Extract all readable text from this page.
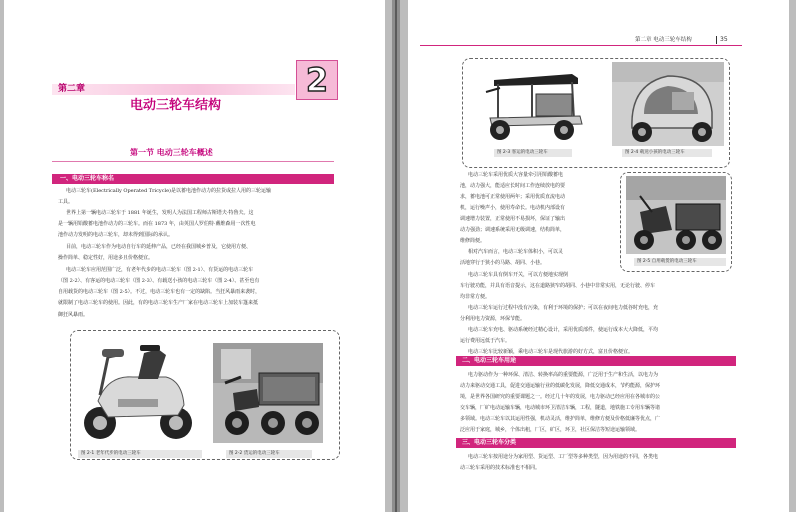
第二章	2
电动三轮车结构
第一节 电动三轮车概述
一、电动三轮车称名
电动三轮车(Electrically Operated Tricycle)是以蓄电池作动力的拉货或拉人用的三轮运输
工具。
世界上第一辆电动三轮车于 1881 年诞生，发明人为法国工程师古斯塔夫·特鲁夫。这
是一辆用铅酸蓄电池作动力的三轮车。而在 1873 年，由英国人罗伯特·戴维森用一次性电
池作动力发明的电动三轮车，却未得到国际的承认。
目前，电动三轮车作为电动自行车的延伸产品，已经在我国城乡普及，它使用方便、
操作简单、稳定性好，用途多且价格便宜。
电动三轮车应用范围广泛，有老年代步的电动三轮车（图 2-1）、有货运的电动三轮车
（图 2-2）、有客运的电动三轮车（图 2-3）、有载送小孩的电动三轮车（图 2-4）、甚至也有
自用载货的电动三轮车（图 2-5）。不过，电动三轮车也有一定的缺陷。当狂风暴雨来袭时，
就限制了电动三轮车的使用。因此，有的电动三轮车生产厂家在电动三轮车上加装车篷来抵
御狂风暴雨。
图 2-1 老年代步的电动三轮车	图 2-2 货运的电动三轮车
第二章 电动三轮车结构	35
图 2-3 客运的电动三轮车	图 2-4 载送小孩的电动三轮车
电动三轮车采用优质大容量牵引用铅酸蓄电
池，动力强大，能适应长时间工作连续放电的要
求，蓄电池可正常使用两年；采用优质直流电动
机，运行噪声小，使用寿命长。电动机内部设有
调速增力装置，正常使用不易损坏，保证了输出
动力强劲；调速系统采用无级调速，结构简单，
维修简便。
相对汽车而言，电动三轮车体积小，可以灵
活地穿行于狭小的马路、胡同、小巷。	图 2-5 自用载货的电动三轮车
电动三轮车具有倒车开关，可以方便地实现倒
车行驶功能，并具有语音提示，这在道路狭窄的胡同、小巷中非常实用，无论行驶、停车
均非常方便。
电动三轮车运行过程中没有污染，有利于环境的保护；可以在夜间电力低谷时充电，充
分利用电力资源，环保节能。
电动三轮车充电、驱动系统经过精心设计，采用优质部件，使运行成本大大降低，平均
运行费用远低于汽车。
电动三轮车比较新颖，乘电动三轮车是现代旅游的好方式，富且价格便宜。
二、电动三轮车用途
电力驱动作为一种环保、清洁、转换率高的重要能源，广泛用于生产和生活，以电力为
动力来驱动交通工具，促进交通运输行业的低碳化发展，降低交通成本，节约能源，保护环
境，是世界各国研究的重要课题之一。经过几十年的发展，电力驱动已经应用在各城市的公
交车辆，厂矿电动运输车辆，电动城市环卫清洁车辆，工程，隧道，地铁施工专用车辆等诸
多领域。电动三轮车以其运用性强，机动灵活，维护简单，维修方便及价格低廉等优点，广
泛应用于家庭，城乡，个体出租，厂区，矿区，环卫，社区保洁等短途运输领域。
三、电动三轮车分类
电动三轮车按用途分为家用型、货运型、工厂型等多种类型，因为用途的不同，各类电
动三轮车采用的技术标准也不相同。
